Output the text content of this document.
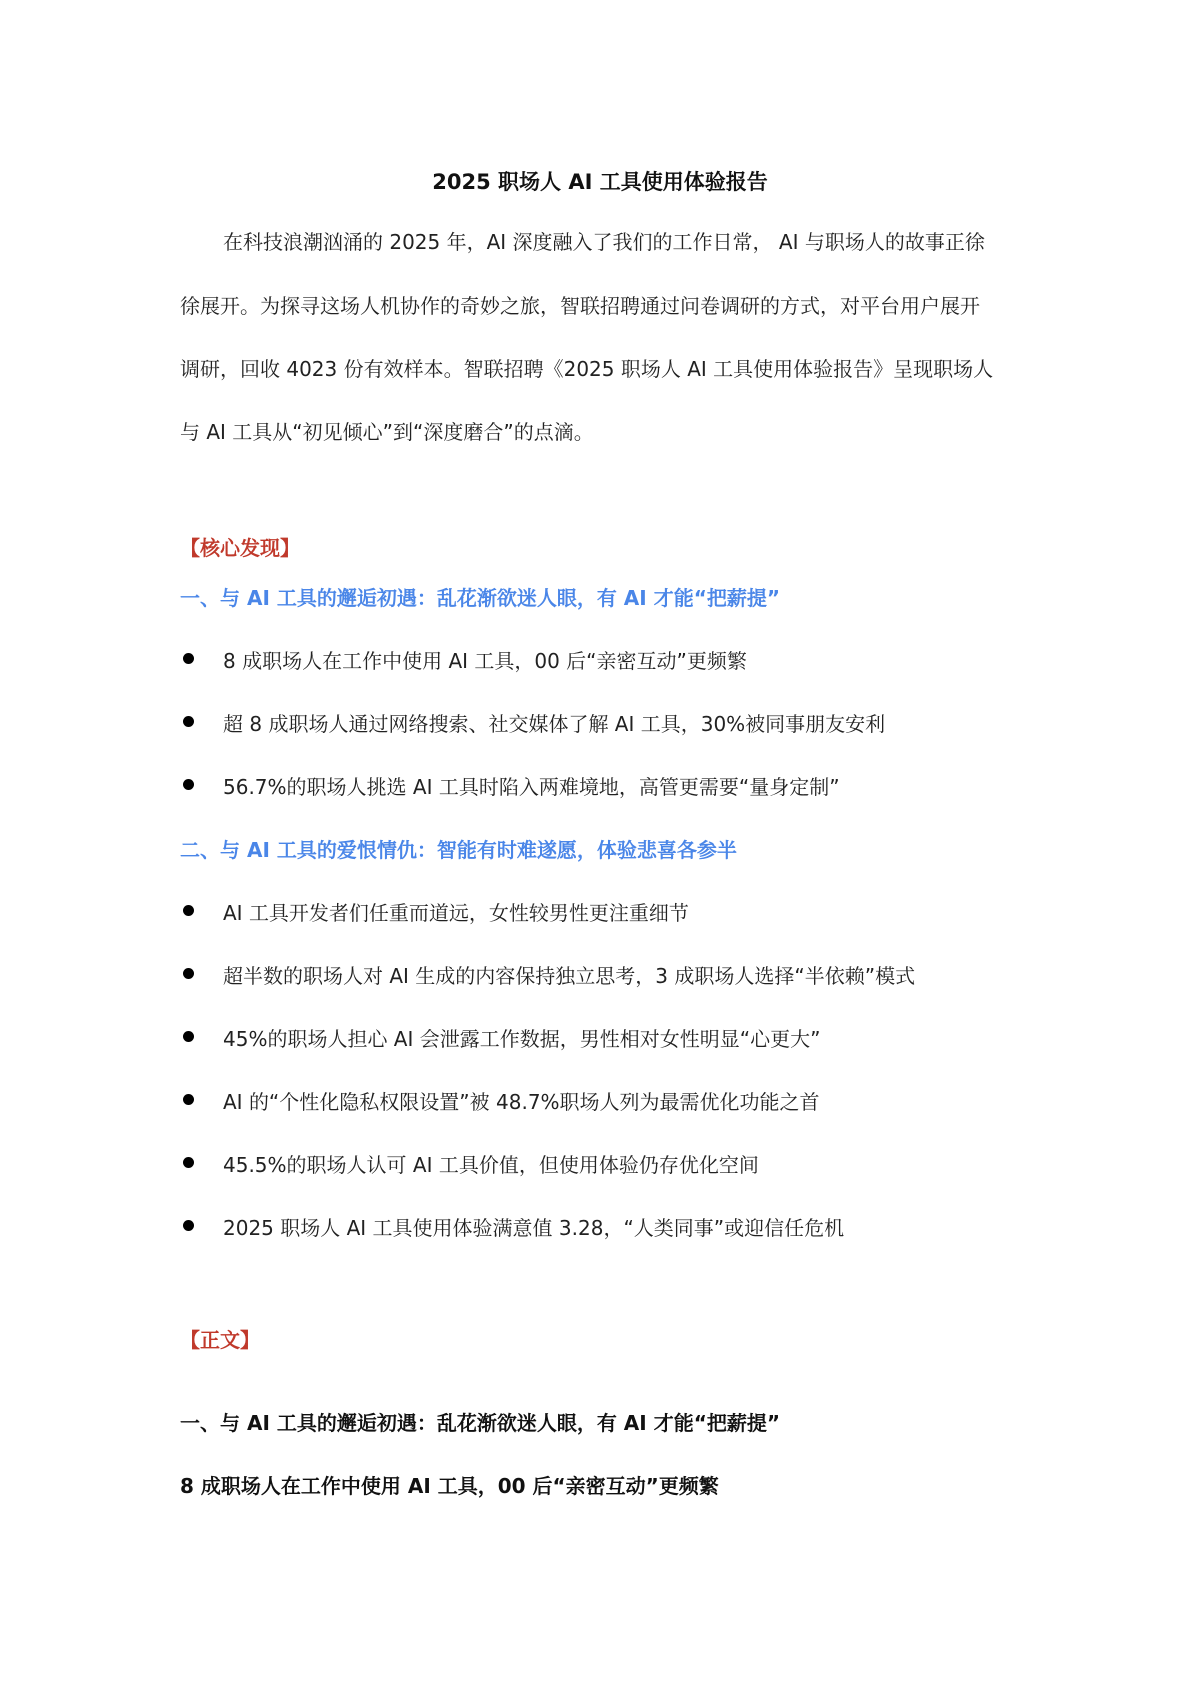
2025 职场人 AI 工具使用体验报告
在科技浪潮汹涌的 2025 年，AI 深度融入了我们的工作日常， AI 与职场人的故事正徐
徐展开。为探寻这场人机协作的奇妙之旅，智联招聘通过问卷调研的方式，对平台用户展开
调研，回收 4023 份有效样本。智联招聘《2025 职场人 AI 工具使用体验报告》呈现职场人
与 AI 工具从“初见倾心”到“深度磨合”的点滴。
【核心发现】
一、与 AI 工具的邂逅初遇：乱花渐欲迷人眼，有 AI 才能“把薪提”
8 成职场人在工作中使用 AI 工具，00 后“亲密互动”更频繁
超 8 成职场人通过网络搜索、社交媒体了解 AI 工具，30%被同事朋友安利
56.7%的职场人挑选 AI 工具时陷入两难境地，高管更需要“量身定制”
二、与 AI 工具的爱恨情仇：智能有时难遂愿，体验悲喜各参半
AI 工具开发者们任重而道远，女性较男性更注重细节
超半数的职场人对 AI 生成的内容保持独立思考，3 成职场人选择“半依赖”模式
45%的职场人担心 AI 会泄露工作数据，男性相对女性明显“心更大”
AI 的“个性化隐私权限设置”被 48.7%职场人列为最需优化功能之首
45.5%的职场人认可 AI 工具价值，但使用体验仍存优化空间
2025 职场人 AI 工具使用体验满意值 3.28，“人类同事”或迎信任危机
【正文】
一、与 AI 工具的邂逅初遇：乱花渐欲迷人眼，有 AI 才能“把薪提”
8 成职场人在工作中使用 AI 工具，00 后“亲密互动”更频繁
